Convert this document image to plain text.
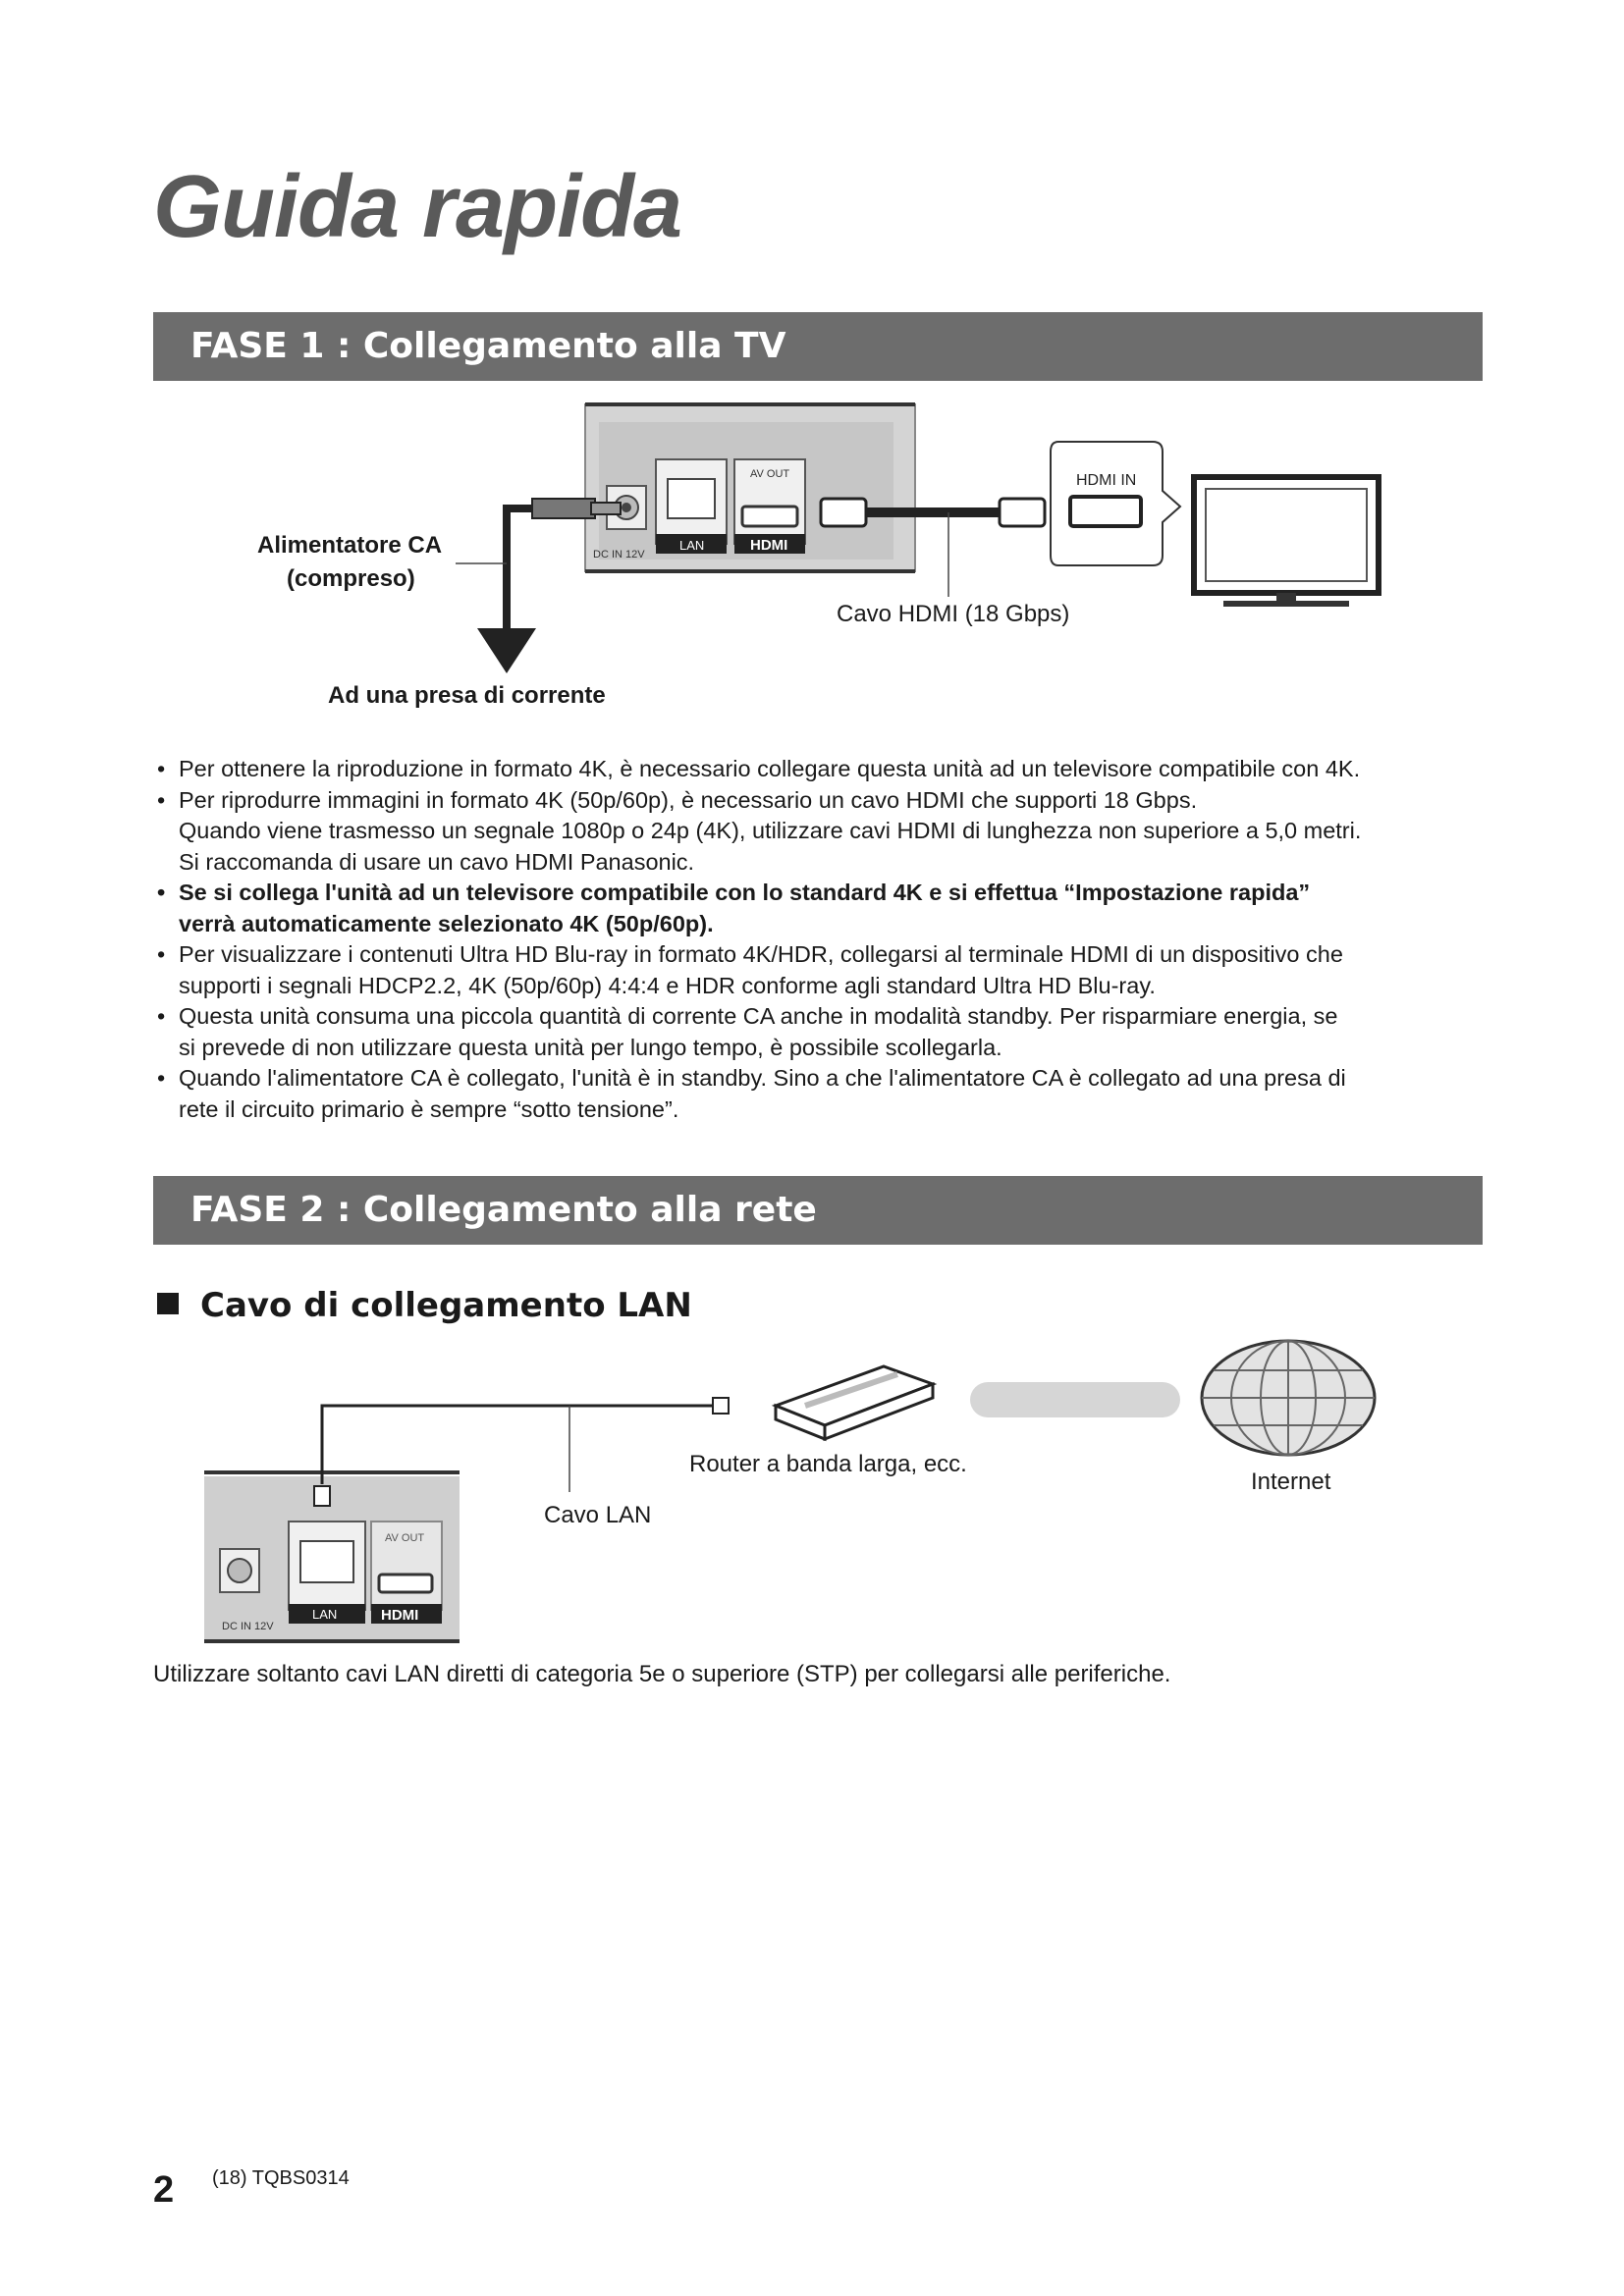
Guida rapida
FASE 1 : Collegamento alla TV
DC IN 12V
LAN	HDMI
AV OUT	HDMI IN
Alimentatore CA
(compreso)
Ad una presa di corrente
Cavo HDMI (18 Gbps)
• Per ottenere la riproduzione in formato 4K, è necessario collegare questa unità ad un televisore compatibile con 4K.
• Per riprodurre immagini in formato 4K (50p/60p), è necessario un cavo HDMI che supporti 18 Gbps.
Quando viene trasmesso un segnale 1080p o 24p (4K), utilizzare cavi HDMI di lunghezza non superiore a 5,0 metri.
Si raccomanda di usare un cavo HDMI Panasonic.
• Se si collega l'unità ad un televisore compatibile con lo standard 4K e si effettua “Impostazione rapida”
verrà automaticamente selezionato 4K (50p/60p).
• Per visualizzare i contenuti Ultra HD Blu-ray in formato 4K/HDR, collegarsi al terminale HDMI di un dispositivo che
supporti i segnali HDCP2.2, 4K (50p/60p) 4:4:4 e HDR conforme agli standard Ultra HD Blu-ray.
• Questa unità consuma una piccola quantità di corrente CA anche in modalità standby. Per risparmiare energia, se
si prevede di non utilizzare questa unità per lungo tempo, è possibile scollegarla.
• Quando l'alimentatore CA è collegato, l'unità è in standby. Sino a che l'alimentatore CA è collegato ad una presa di
rete il circuito primario è sempre “sotto tensione”.
FASE 2 : Collegamento alla rete
Cavo di collegamento LAN
DC IN 12V
LAN	HDMI
AV OUT
Router a banda larga, ecc.
Internet
Cavo LAN
Utilizzare soltanto cavi LAN diretti di categoria 5e o superiore (STP) per collegarsi alle periferiche.
2 (18) TQBS0314
